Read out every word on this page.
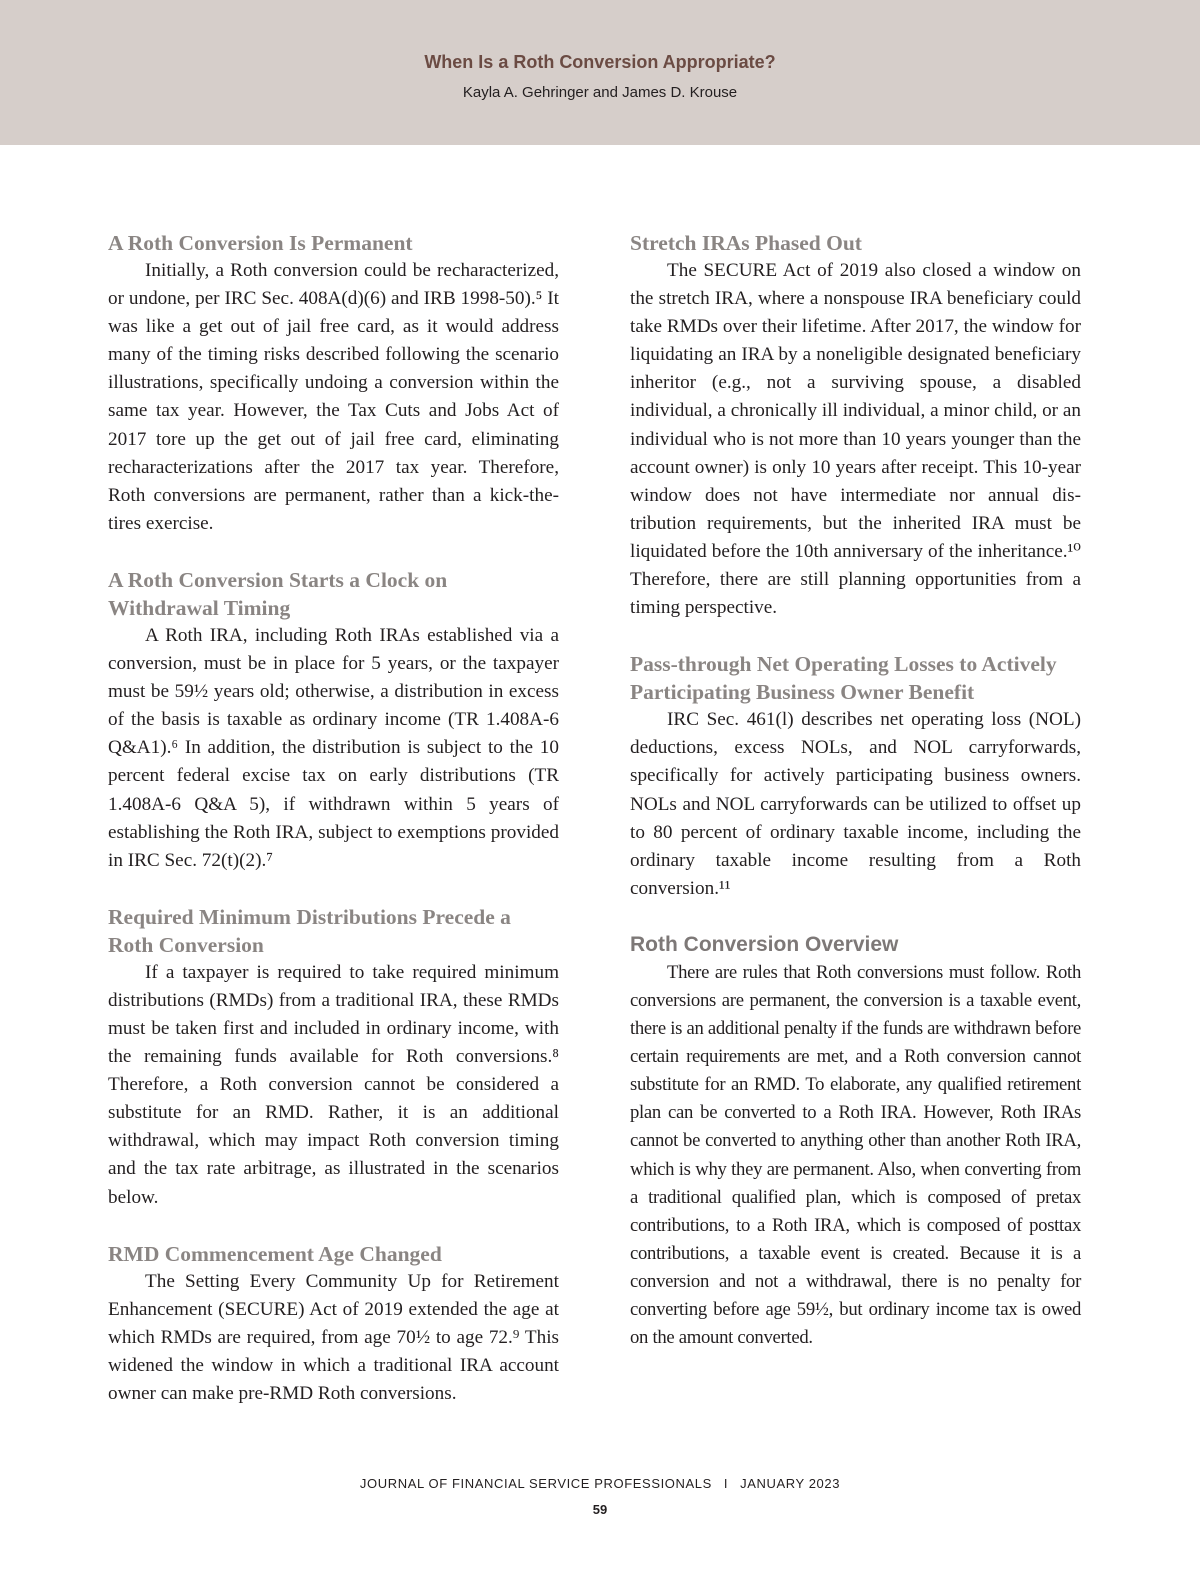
When Is a Roth Conversion Appropriate?
Kayla A. Gehringer and James D. Krouse
A Roth Conversion Is Permanent

Initially, a Roth conversion could be recharacterized, or undone, per IRC Sec. 408A(d)(6) and IRB 1998-50).⁵ It was like a get out of jail free card, as it would address many of the timing risks described following the scenario illustrations, specifically undoing a conversion within the same tax year. However, the Tax Cuts and Jobs Act of 2017 tore up the get out of jail free card, eliminating recharacterizations after the 2017 tax year. Therefore, Roth conversions are permanent, rather than a kick-the-tires exercise.

A Roth Conversion Starts a Clock on Withdrawal Timing

A Roth IRA, including Roth IRAs established via a conversion, must be in place for 5 years, or the taxpayer must be 59½ years old; otherwise, a distribution in excess of the basis is taxable as ordinary income (TR 1.408A-6 Q&A1).⁶ In addition, the distribution is subject to the 10 percent federal excise tax on early distributions (TR 1.408A-6 Q&A 5), if withdrawn within 5 years of establishing the Roth IRA, subject to exemptions provided in IRC Sec. 72(t)(2).⁷

Required Minimum Distributions Precede a Roth Conversion

If a taxpayer is required to take required minimum distributions (RMDs) from a traditional IRA, these RMDs must be taken first and included in ordinary income, with the remaining funds available for Roth conversions.⁸ Therefore, a Roth conversion cannot be considered a substitute for an RMD. Rather, it is an additional withdrawal, which may impact Roth conversion timing and the tax rate arbitrage, as illustrated in the scenarios below.

RMD Commencement Age Changed

The Setting Every Community Up for Retirement Enhancement (SECURE) Act of 2019 extended the age at which RMDs are required, from age 70½ to age 72.⁹ This widened the window in which a traditional IRA account owner can make pre-RMD Roth conversions.

Stretch IRAs Phased Out

The SECURE Act of 2019 also closed a window on the stretch IRA, where a nonspouse IRA beneficiary could take RMDs over their lifetime. After 2017, the window for liquidating an IRA by a noneligible designated beneficiary inheritor (e.g., not a surviving spouse, a disabled individual, a chronically ill individual, a minor child, or an individual who is not more than 10 years younger than the account owner) is only 10 years after receipt. This 10-year window does not have intermediate nor annual distribution requirements, but the inherited IRA must be liquidated before the 10th anniversary of the inheritance.¹⁰ Therefore, there are still planning opportunities from a timing perspective.

Pass-through Net Operating Losses to Actively Participating Business Owner Benefit

IRC Sec. 461(l) describes net operating loss (NOL) deductions, excess NOLs, and NOL carryforwards, specifically for actively participating business owners. NOLs and NOL carryforwards can be utilized to offset up to 80 percent of ordinary taxable income, including the ordinary taxable income resulting from a Roth conversion.¹¹

Roth Conversion Overview

There are rules that Roth conversions must follow. Roth conversions are permanent, the conversion is a taxable event, there is an additional penalty if the funds are withdrawn before certain requirements are met, and a Roth conversion cannot substitute for an RMD. To elaborate, any qualified retirement plan can be converted to a Roth IRA. However, Roth IRAs cannot be converted to anything other than another Roth IRA, which is why they are permanent. Also, when converting from a traditional qualified plan, which is composed of pretax contributions, to a Roth IRA, which is composed of posttax contributions, a taxable event is created. Because it is a conversion and not a withdrawal, there is no penalty for converting before age 59½, but ordinary income tax is owed on the amount converted.

JOURNAL OF FINANCIAL SERVICE PROFESSIONALS I JANUARY 2023
59
